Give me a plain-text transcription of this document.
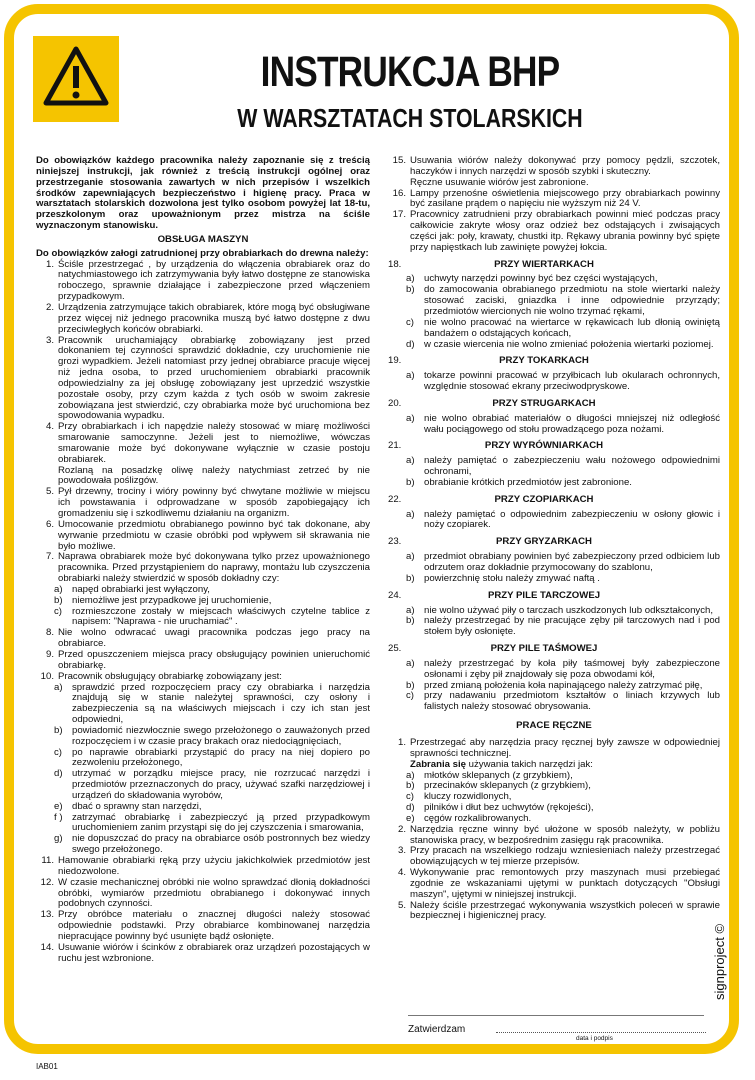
INSTRUKCJA BHP
W WARSZTATACH STOLARSKICH
Do obowiązków każdego pracownika należy zapoznanie się z treścią niniejszej instrukcji, jak również z treścią instrukcji ogólnej oraz przestrzeganie stosowania zawartych w nich przepisów i wszelkich środków zapewniających bezpieczeństwo i higienę pracy. Praca w warsztatach stolarskich dozwolona jest tylko osobom powyżej lat 18-tu, przeszkolonym oraz upoważnionym przez mistrza na ściśle wyznaczonym stanowisku.
OBSŁUGA MASZYN
Do obowiązków załogi zatrudnionej przy obrabiarkach do drewna należy:
1. Ściśle przestrzegać , by urządzenia do włączenia obrabiarek oraz do natychmiastowego ich zatrzymywania były łatwo dostępne ze stanowiska roboczego, sprawnie działające i zabezpieczone przed włączeniem przypadkowym.
2. Urządzenia zatrzymujące takich obrabiarek, które mogą być obsługiwane przez więcej niż jednego pracownika muszą być łatwo dostępne z dwu przeciwległych końców obrabiarki.
3. Pracownik uruchamiający obrabiarkę zobowiązany jest przed dokonaniem tej czynności sprawdzić dokładnie, czy uruchomienie nie grozi wypadkiem. Jeżeli natomiast przy jednej obrabiarce pracuje więcej niż jedna osoba, to przed uruchomieniem obrabiarki pracownik odpowiedzialny za jej obsługę zobowiązany jest uprzedzić wszystkie pozostałe osoby, przy czym każda z tych osób w swoim zakresie zobowiązana jest stwierdzić, czy obrabiarka może być uruchomiona bez spowodowania wypadku.
4. Przy obrabiarkach i ich napędzie należy stosować w miarę możliwości smarowanie samoczynne. Jeżeli jest to niemożliwe, wówczas smarowanie może być dokonywane wyłącznie w czasie postoju obrabiarek.
Rozlaną na posadzkę oliwę należy natychmiast zetrzeć by nie powodowała poślizgów.
5. Pył drzewny, trociny i wióry powinny być chwytane możliwie w miejscu ich powstawania i odprowadzane w sposób zapobiegający ich gromadzeniu się i szkodliwemu działaniu na organizm.
6. Umocowanie przedmiotu obrabianego powinno być tak dokonane, aby wyrwanie przedmiotu w czasie obróbki pod wpływem sił skrawania nie było możliwe.
7. Naprawa obrabiarek może być dokonywana tylko przez upoważnionego pracownika. Przed przystąpieniem do naprawy, montażu lub czyszczenia obrabiarki należy stwierdzić w sposób dokładny czy:
a) napęd obrabiarki jest wyłączony,
b) niemożliwe jest przypadkowe jej uruchomienie,
c)	rozmieszczone zostały w miejscach właściwych czytelne tablice z napisem: "Naprawa - nie uruchamiać" .
8. Nie wolno odwracać uwagi pracownika podczas jego pracy na obrabiarce.
9. Przed opuszczeniem miejsca pracy obsługujący powinien unieruchomić obrabiarkę.
10. Pracownik obsługujący obrabiarkę zobowiązany jest:
a) sprawdzić przed rozpoczęciem pracy czy obrabiarka i narzędzia znajdują się w stanie należytej sprawności, czy osłony i zabezpieczenia są na właściwych miejscach i czy ich stan jest odpowiedni,
b) powiadomić niezwłocznie swego przełożonego o zauważonych przed rozpoczęciem i w czasie pracy brakach oraz niedociągnięciach,
c)	po naprawie obrabiarki przystąpić do pracy na niej dopiero po zezwoleniu przełożonego,
d) utrzymać w porządku miejsce pracy, nie rozrzucać narzędzi i przedmiotów przeznaczonych do pracy, używać szafki narzędziowej i urządzeń do składowania wyrobów,
e) dbać o sprawny stan narzędzi,
f ) zatrzymać obrabiarkę i zabezpieczyć ją przed przypadkowym uruchomieniem zanim przystąpi się do jej czyszczenia i smarowania,
g) nie dopuszczać do pracy na obrabiarce osób postronnych bez wiedzy swego przełożonego.
11. Hamowanie obrabiarki ręką przy użyciu jakichkolwiek przedmiotów jest niedozwolone.
12. W czasie mechanicznej obróbki nie wolno sprawdzać dłonią dokładności obróbki, wymiarów przedmiotu obrabianego i dokonywać innych podobnych czynności.
13. Przy obróbce materiału o znacznej długości należy stosować odpowiednie podstawki. Przy obrabiarce kombinowanej narzędzia niepracujące powinny być usunięte bądź osłonięte.
14. Usuwanie wiórów i ścinków z obrabiarek oraz urządzeń pozostających w ruchu jest wzbronione.
15. Usuwania wiórów należy dokonywać przy pomocy pędzli, szczotek, haczyków i innych narzędzi w sposób szybki i skuteczny.
Ręczne usuwanie wiórów jest zabronione.
16. Lampy przenośne oświetlenia miejscowego przy obrabiarkach powinny być zasilane prądem o napięciu nie wyższym niż 24 V.
17. Pracownicy zatrudnieni przy obrabiarkach powinni mieć podczas pracy całkowicie zakryte włosy oraz odzież bez odstających i zwisających części jak: poły, krawaty, chustki itp. Rękawy ubrania powinny być spięte przy napięstkach lub zawinięte powyżej łokcia.
18.	PRZY WIERTARKACH
a) uchwyty narzędzi powinny być bez części wystających,
b) do zamocowania obrabianego przedmiotu na stole wiertarki należy stosować zaciski, gniazdka i inne odpowiednie przyrządy; przedmiotów wiercionych nie wolno trzymać rękami,
c)	nie wolno pracować na wiertarce w rękawicach lub dłonią owiniętą bandażem o odstających końcach,
d) w czasie wiercenia nie wolno zmieniać położenia wiertarki poziomej.
19.	PRZY TOKARKACH
a) tokarze powinni pracować w przyłbicach lub okularach ochronnych, względnie stosować ekrany przeciwodpryskowe.
20.	PRZY STRUGARKACH
a) nie wolno obrabiać materiałów o długości mniejszej niż odległość wału pociągowego od stołu prowadzącego poza nożami.
21.	PRZY WYRÓWNIARKACH
a) należy pamiętać o zabezpieczeniu wału nożowego odpowiednimi ochronami,
b) obrabianie krótkich przedmiotów jest zabronione.
22.	PRZY CZOPIARKACH
a) należy pamiętać o odpowiednim zabezpieczeniu w osłony głowic i noży czopiarek.
23.	PRZY GRYZARKACH
a) przedmiot obrabiany powinien być zabezpieczony przed odbiciem lub odrzutem oraz dokładnie przymocowany do szablonu,
b) powierzchnię stołu należy zmywać naftą .
24.	PRZY PILE TARCZOWEJ
a) nie wolno używać piły o tarczach uszkodzonych lub odkształconych,
b) należy przestrzegać by nie pracujące zęby pił tarczowych nad i pod stołem były osłonięte.
25.	PRZY PILE TAŚMOWEJ
a) należy przestrzegać by koła piły taśmowej były zabezpieczone osłonami i zęby pił znajdowały się poza obwodami kół,
b) przed zmianą położenia koła napinającego należy zatrzymać piłę,
c)	przy nadawaniu przedmiotom kształtów o liniach krzywych lub falistych należy stosować obrysowania.
PRACE RĘCZNE
1. Przestrzegać aby narzędzia pracy ręcznej były zawsze w odpowiedniej sprawności technicznej.
Zabrania się używania takich narzędzi jak:
a) młotków sklepanych (z grzybkiem),
b) przecinaków sklepanych (z grzybkiem),
c)	kluczy rozwidlonych,
d) pilników i dłut bez uchwytów (rękojeści),
e) cęgów rozkalibrowanych.
2. Narzędzia ręczne winny być ułożone w sposób należyty, w pobliżu stanowiska pracy, w bezpośrednim zasięgu rąk pracownika.
3. Przy pracach na wszelkiego rodzaju wzniesieniach należy przestrzegać obowiązujących w tej mierze przepisów.
4. Wykonywanie prac remontowych przy maszynach musi przebiegać zgodnie ze wskazaniami ujętymi w punktach dotyczących "Obsługi maszyn", ujętymi w niniejszej instrukcji.
5. Należy ściśle przestrzegać wykonywania wszystkich poleceń w sprawie bezpiecznej i higienicznej pracy.
Zatwierdzam
data i podpis
signproject ©
IAB01
